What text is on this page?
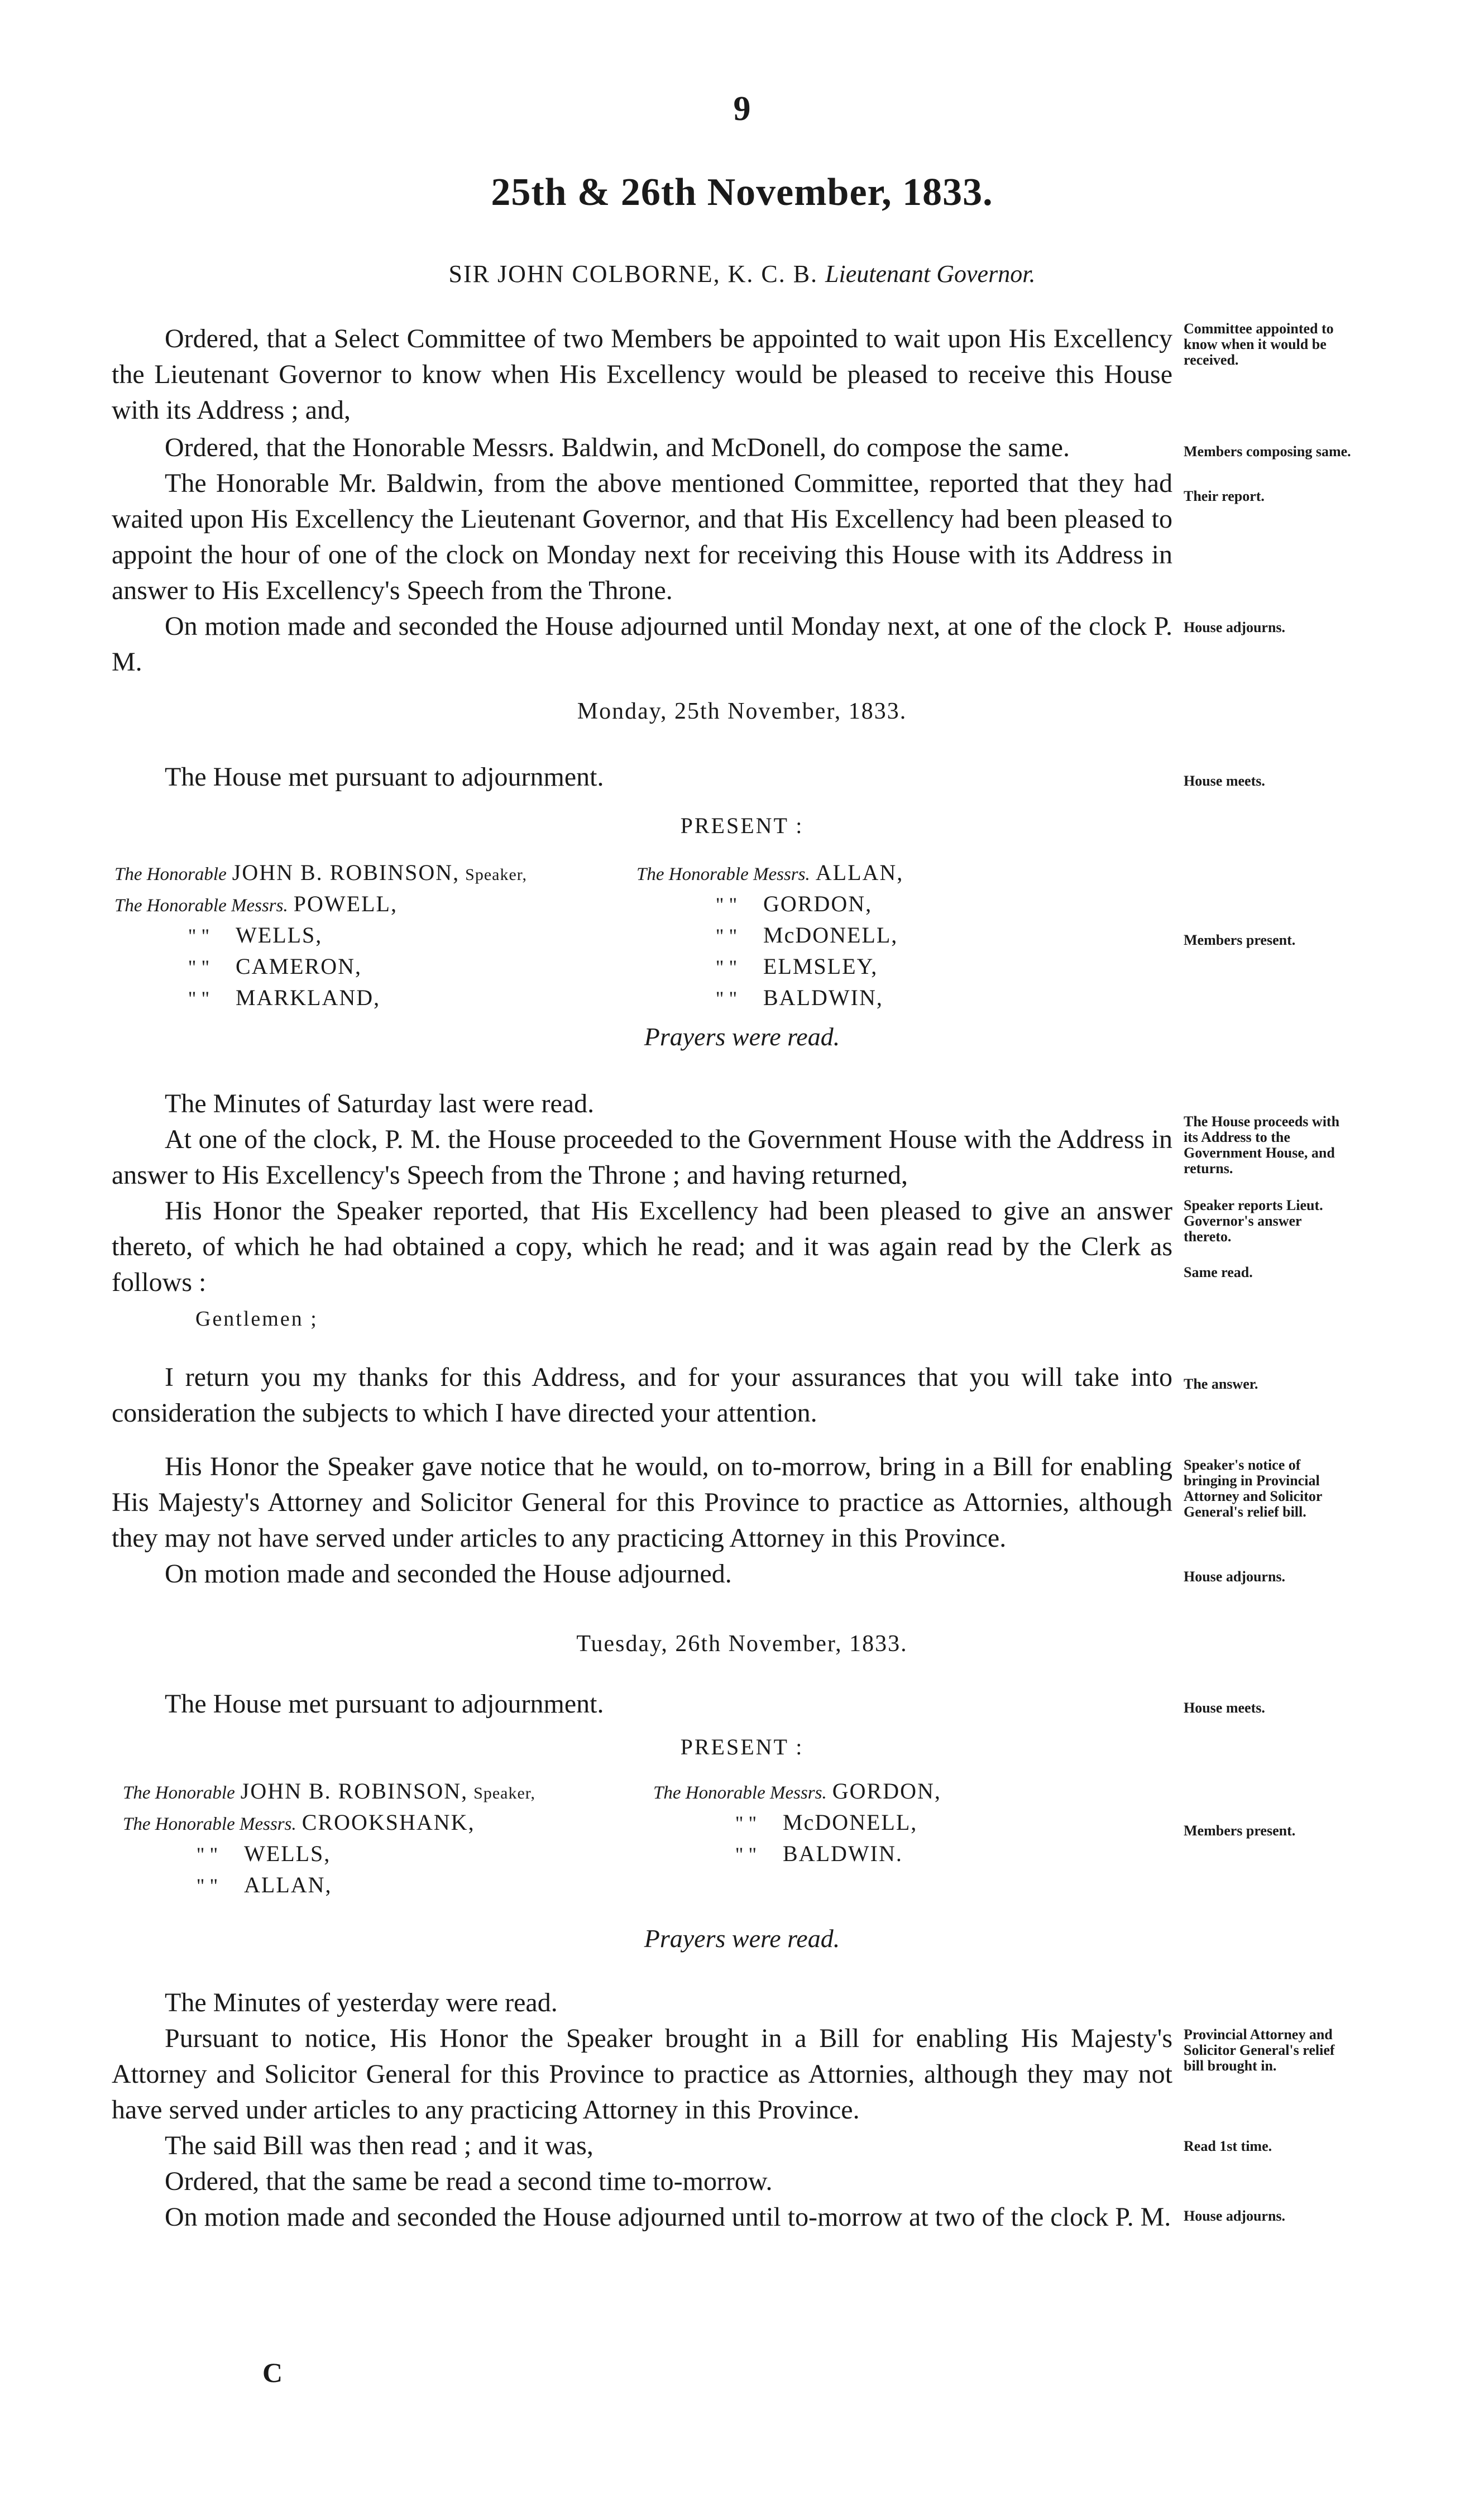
9
25th & 26th November, 1833.
SIR JOHN COLBORNE, K. C. B. Lieutenant Governor.
Ordered, that a Select Committee of two Members be appointed to wait upon His Excellency the Lieutenant Governor to know when His Excellency would be pleased to receive this House with its Address ; and,
Ordered, that the Honorable Messrs. Baldwin, and McDonell, do compose the same.
The Honorable Mr. Baldwin, from the above mentioned Committee, reported that they had waited upon His Excellency the Lieutenant Governor, and that His Excellency had been pleased to appoint the hour of one of the clock on Monday next for receiving this House with its Address in answer to His Excellency's Speech from the Throne.
On motion made and seconded the House adjourned until Monday next, at one of the clock P. M.
Monday, 25th November, 1833.
The House met pursuant to adjournment.
PRESENT :
The Honorable JOHN B. ROBINSON, Speaker,
The Honorable Messrs. POWELL,
" " WELLS,
" " CAMERON,
" " MARKLAND,
The Honorable Messrs. ALLAN,
" " GORDON,
" " McDONELL,
" " ELMSLEY,
" " BALDWIN,
Prayers were read.
The Minutes of Saturday last were read.
At one of the clock, P. M. the House proceeded to the Government House with the Address in answer to His Excellency's Speech from the Throne ; and having returned,
His Honor the Speaker reported, that His Excellency had been pleased to give an answer thereto, of which he had obtained a copy, which he read; and it was again read by the Clerk as follows :
Gentlemen ;
I return you my thanks for this Address, and for your assurances that you will take into consideration the subjects to which I have directed your attention.
His Honor the Speaker gave notice that he would, on to-morrow, bring in a Bill for enabling His Majesty's Attorney and Solicitor General for this Province to practice as Attornies, although they may not have served under articles to any practicing Attorney in this Province.
On motion made and seconded the House adjourned.
Tuesday, 26th November, 1833.
The House met pursuant to adjournment.
PRESENT :
The Honorable JOHN B. ROBINSON, Speaker,
The Honorable Messrs. CROOKSHANK,
" " WELLS,
" " ALLAN,
The Honorable Messrs. GORDON,
" " McDONELL,
" " BALDWIN.
Prayers were read.
The Minutes of yesterday were read.
Pursuant to notice, His Honor the Speaker brought in a Bill for enabling His Majesty's Attorney and Solicitor General for this Province to practice as Attornies, although they may not have served under articles to any practicing Attorney in this Province.
The said Bill was then read ; and it was,
Ordered, that the same be read a second time to-morrow.
On motion made and seconded the House adjourned until to-morrow at two of the clock P. M.
C
Committee appointed to know when it would be received.
Members composing same.
Their report.
House adjourns.
House meets.
Members present.
The House proceeds with its Address to the Government House, and returns.
Speaker reports Lieut. Governor's answer thereto.
Same read.
The answer.
Speaker's notice of bringing in Provincial Attorney and Solicitor General's relief bill.
House adjourns.
House meets.
Members present.
Provincial Attorney and Solicitor General's relief bill brought in.
Read 1st time.
House adjourns.
